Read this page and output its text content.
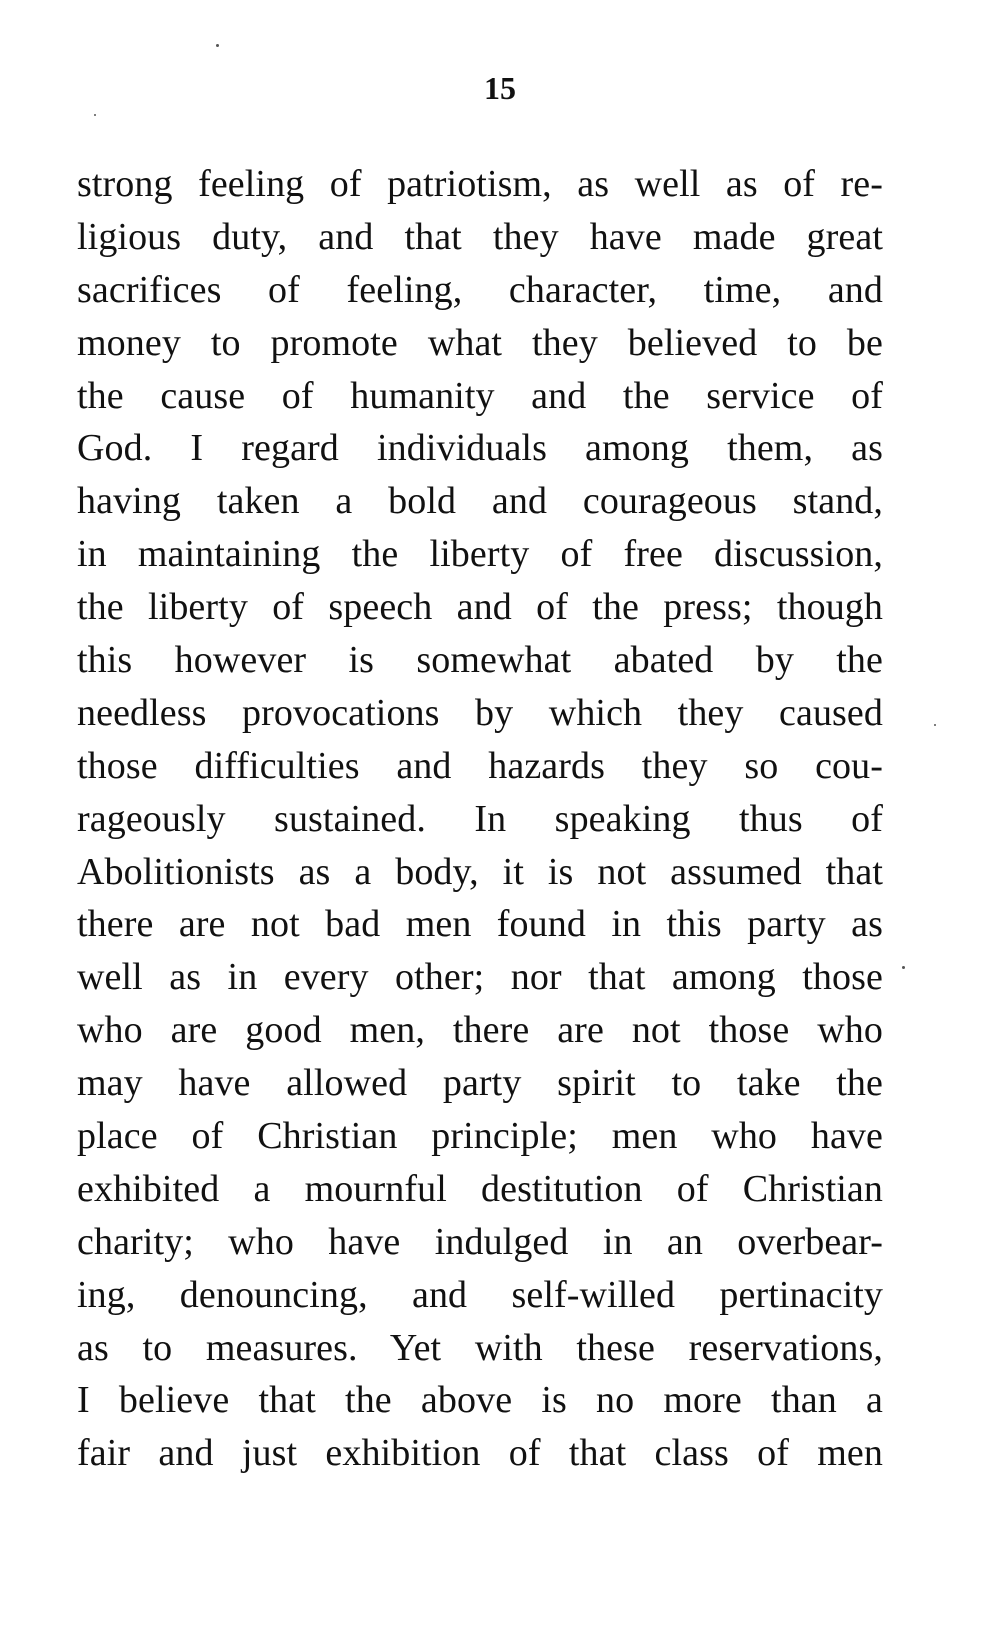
15
strong feeling of patriotism, as well as of re-
ligious duty, and that they have made great
sacrifices of feeling, character, time, and
money to promote what they believed to be
the cause of humanity and the service of
God. I regard individuals among them, as
having taken a bold and courageous stand,
in maintaining the liberty of free discussion,
the liberty of speech and of the press; though
this however is somewhat abated by the
needless provocations by which they caused
those difficulties and hazards they so cou-
rageously sustained. In speaking thus of
Abolitionists as a body, it is not assumed that
there are not bad men found in this party as
well as in every other; nor that among those
who are good men, there are not those who
may have allowed party spirit to take the
place of Christian principle; men who have
exhibited a mournful destitution of Christian
charity; who have indulged in an overbear-
ing, denouncing, and self-willed pertinacity
as to measures. Yet with these reservations,
I believe that the above is no more than a
fair and just exhibition of that class of men
